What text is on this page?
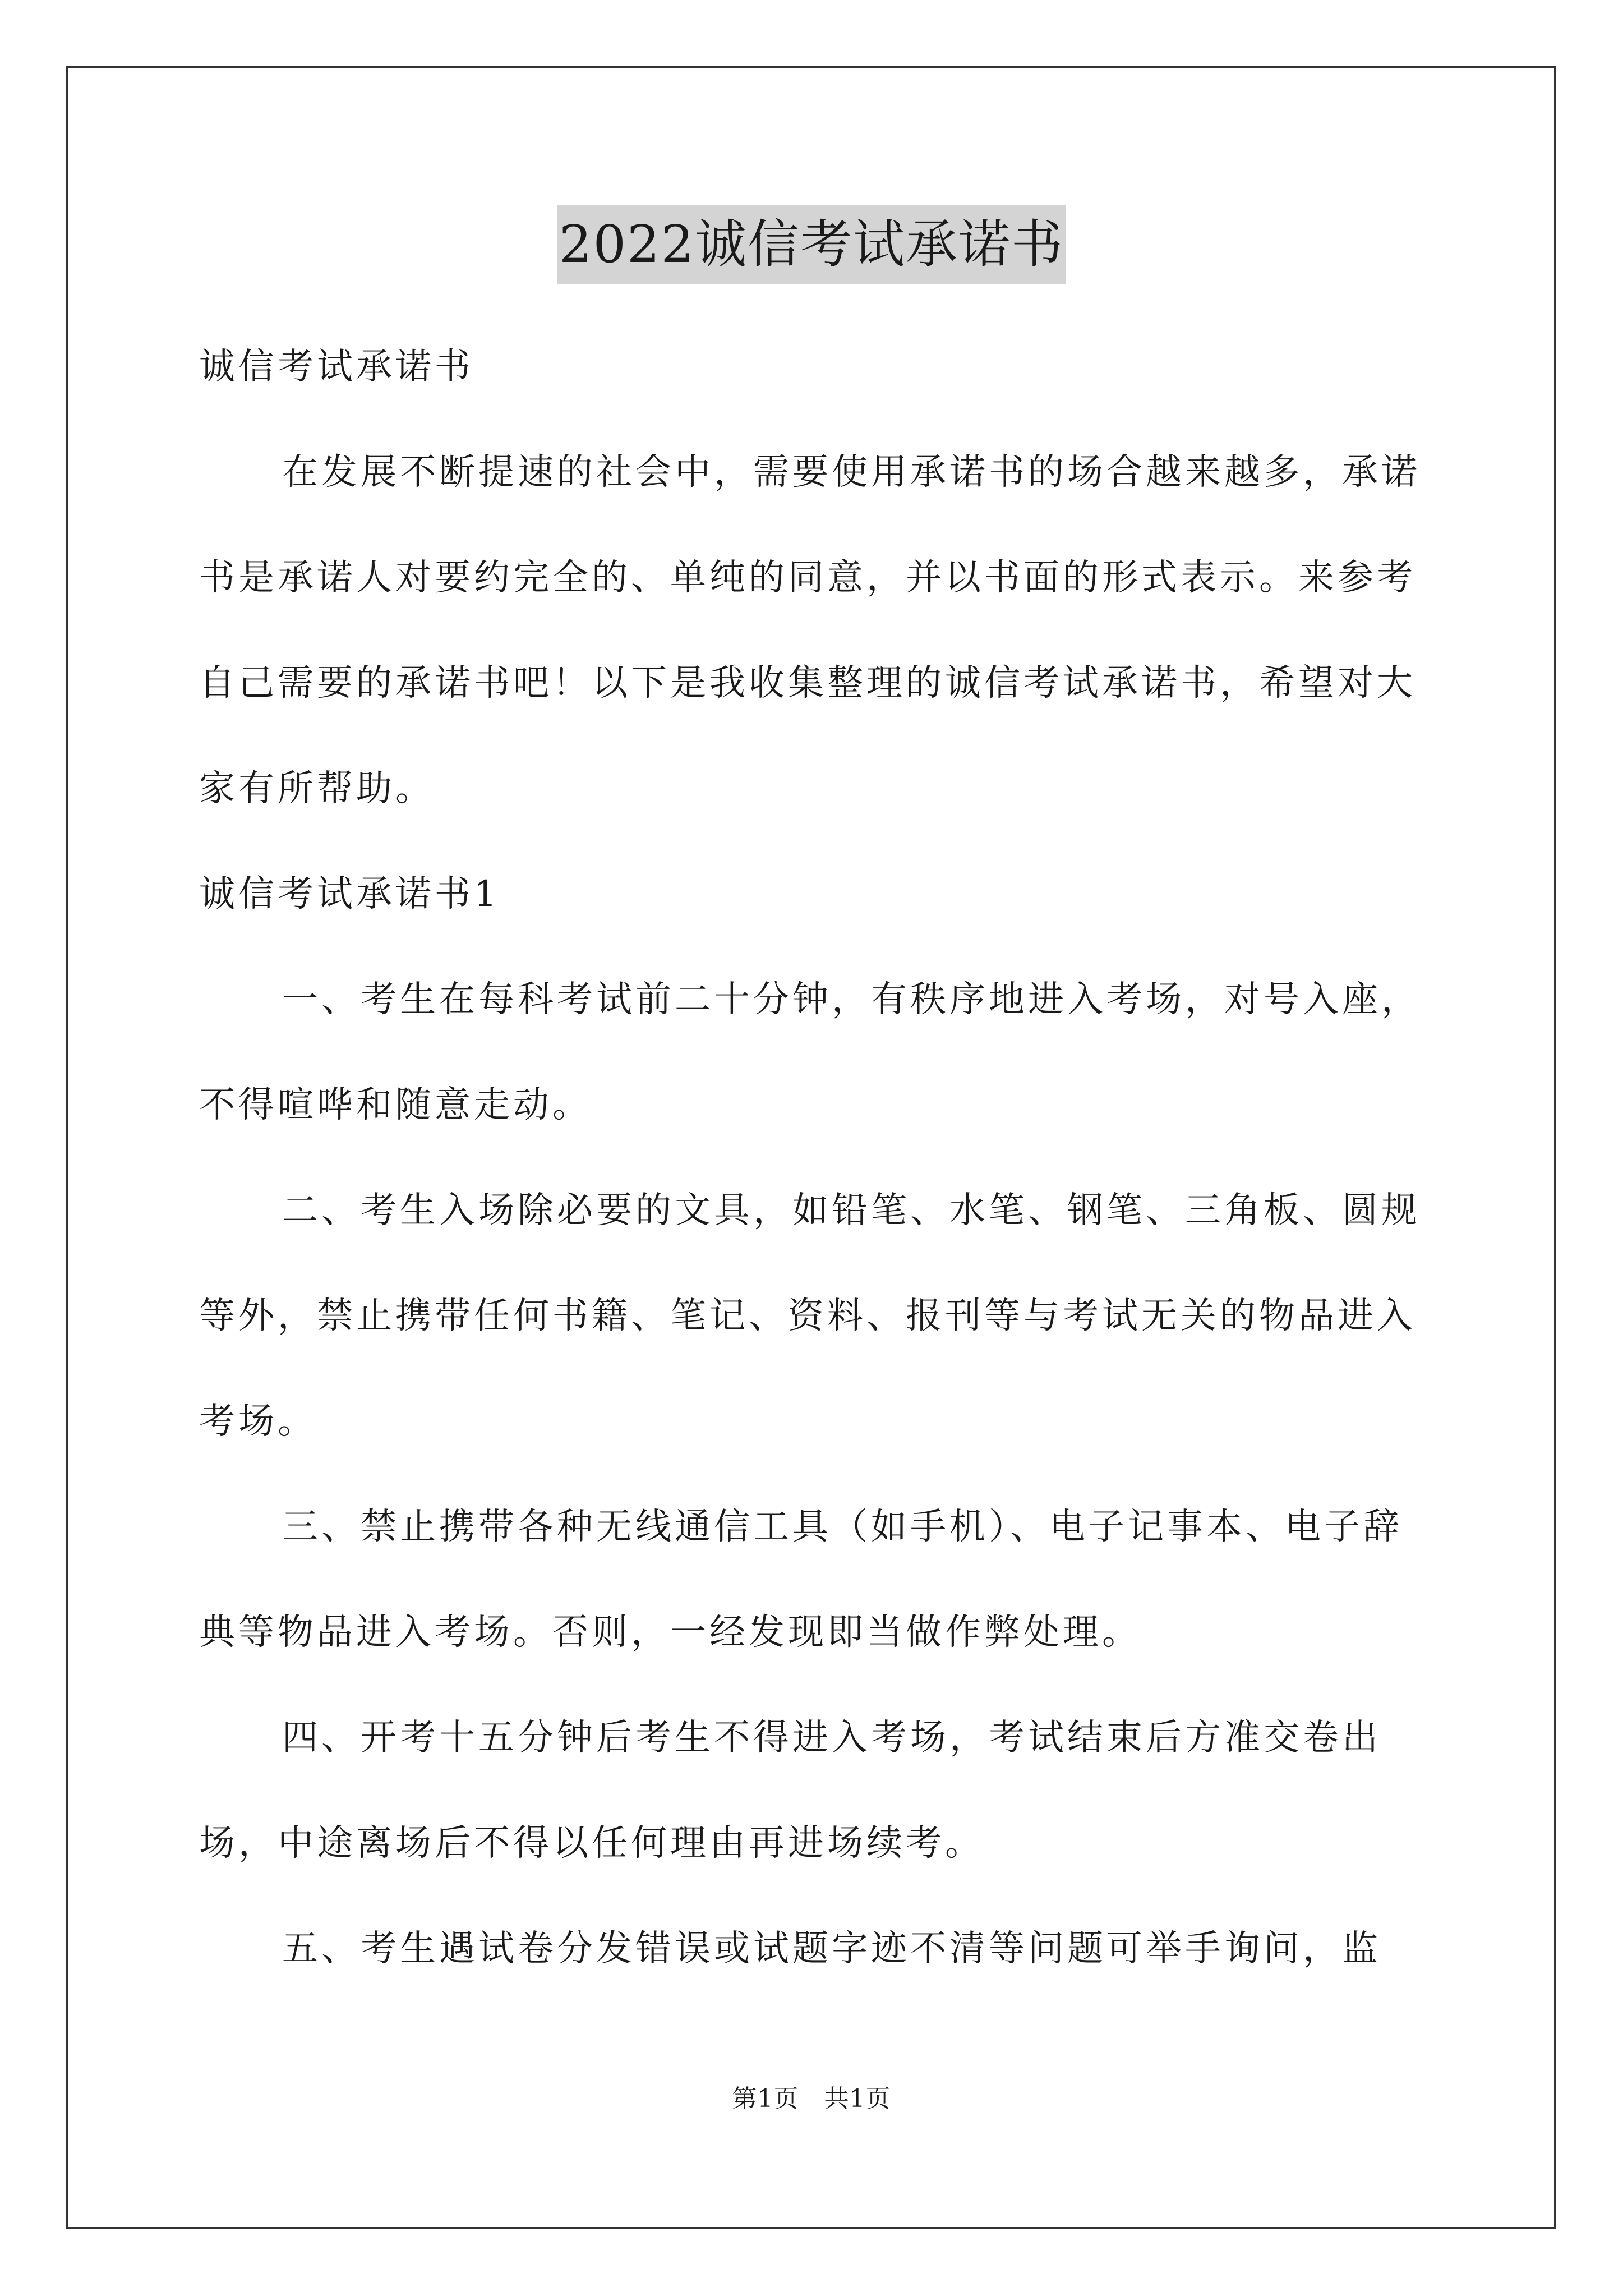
2022诚信考试承诺书

诚信考试承诺书

在发展不断提速的社会中，需要使用承诺书的场合越来越多，承诺书是承诺人对要约完全的、单纯的同意，并以书面的形式表示。来参考自己需要的承诺书吧！以下是我收集整理的诚信考试承诺书，希望对大家有所帮助。

诚信考试承诺书1

一、考生在每科考试前二十分钟，有秩序地进入考场，对号入座，不得喧哗和随意走动。

二、考生入场除必要的文具，如铅笔、水笔、钢笔、三角板、圆规等外，禁止携带任何书籍、笔记、资料、报刊等与考试无关的物品进入考场。

三、禁止携带各种无线通信工具（如手机）、电子记事本、电子辞典等物品进入考场。否则，一经发现即当做作弊处理。

四、开考十五分钟后考生不得进入考场，考试结束后方准交卷出场，中途离场后不得以任何理由再进场续考。

五、考生遇试卷分发错误或试题字迹不清等问题可举手询问，监

第1页　共1页
